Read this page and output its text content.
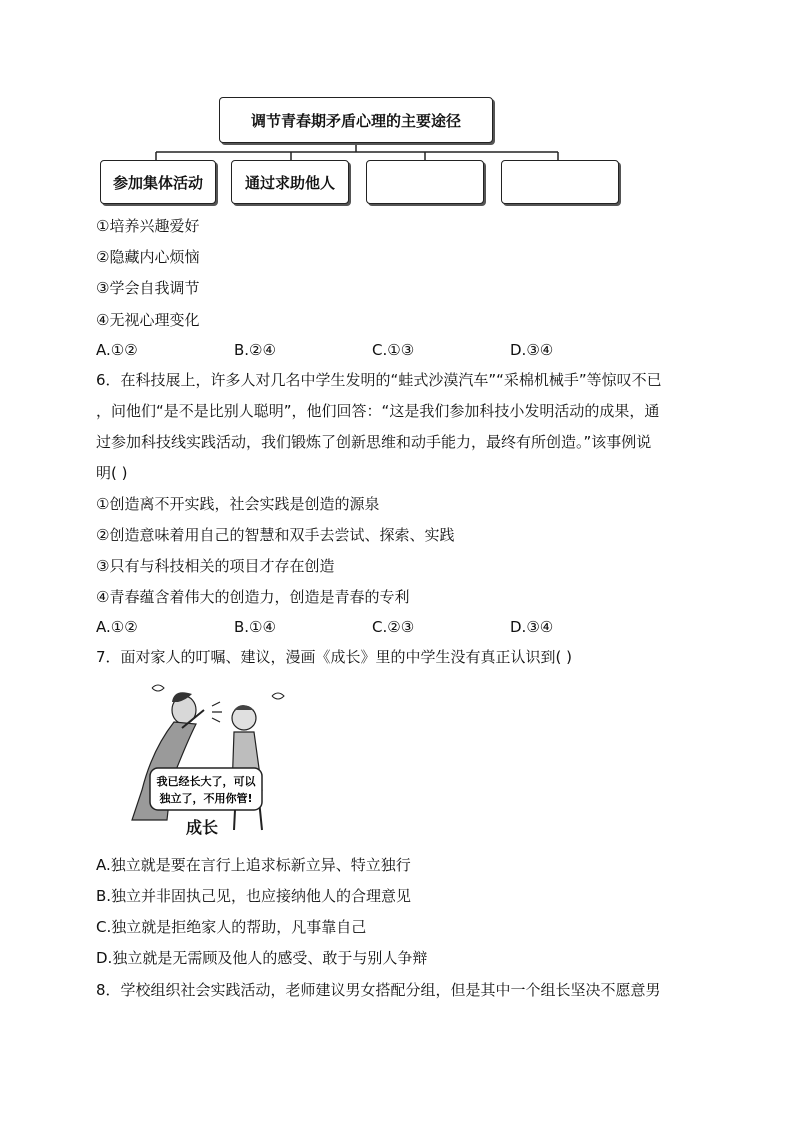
调节青春期矛盾心理的主要途径
参加集体活动	通过求助他人
①培养兴趣爱好
②隐藏内心烦恼
③学会自我调节
④无视心理变化
A.①②	B.②④	C.①③	D.③④
6．在科技展上，许多人对几名中学生发明的“蛙式沙漠汽车”“采棉机械手”等惊叹不已
，问他们“是不是比别人聪明”，他们回答：“这是我们参加科技小发明活动的成果，通
过参加科技线实践活动，我们锻炼了创新思维和动手能力，最终有所创造。”该事例说
明( )
①创造离不开实践，社会实践是创造的源泉
②创造意味着用自己的智慧和双手去尝试、探索、实践
③只有与科技相关的项目才存在创造
④青春蕴含着伟大的创造力，创造是青春的专利
A.①②	B.①④	C.②③	D.③④
7．面对家人的叮嘱、建议，漫画《成长》里的中学生没有真正认识到( )
我已经长大了，可以
独立了，不用你管!
成长
A.独立就是要在言行上追求标新立异、特立独行
B.独立并非固执己见，也应接纳他人的合理意见
C.独立就是拒绝家人的帮助，凡事靠自己
D.独立就是无需顾及他人的感受、敢于与别人争辩
8．学校组织社会实践活动，老师建议男女搭配分组，但是其中一个组长坚决不愿意男
